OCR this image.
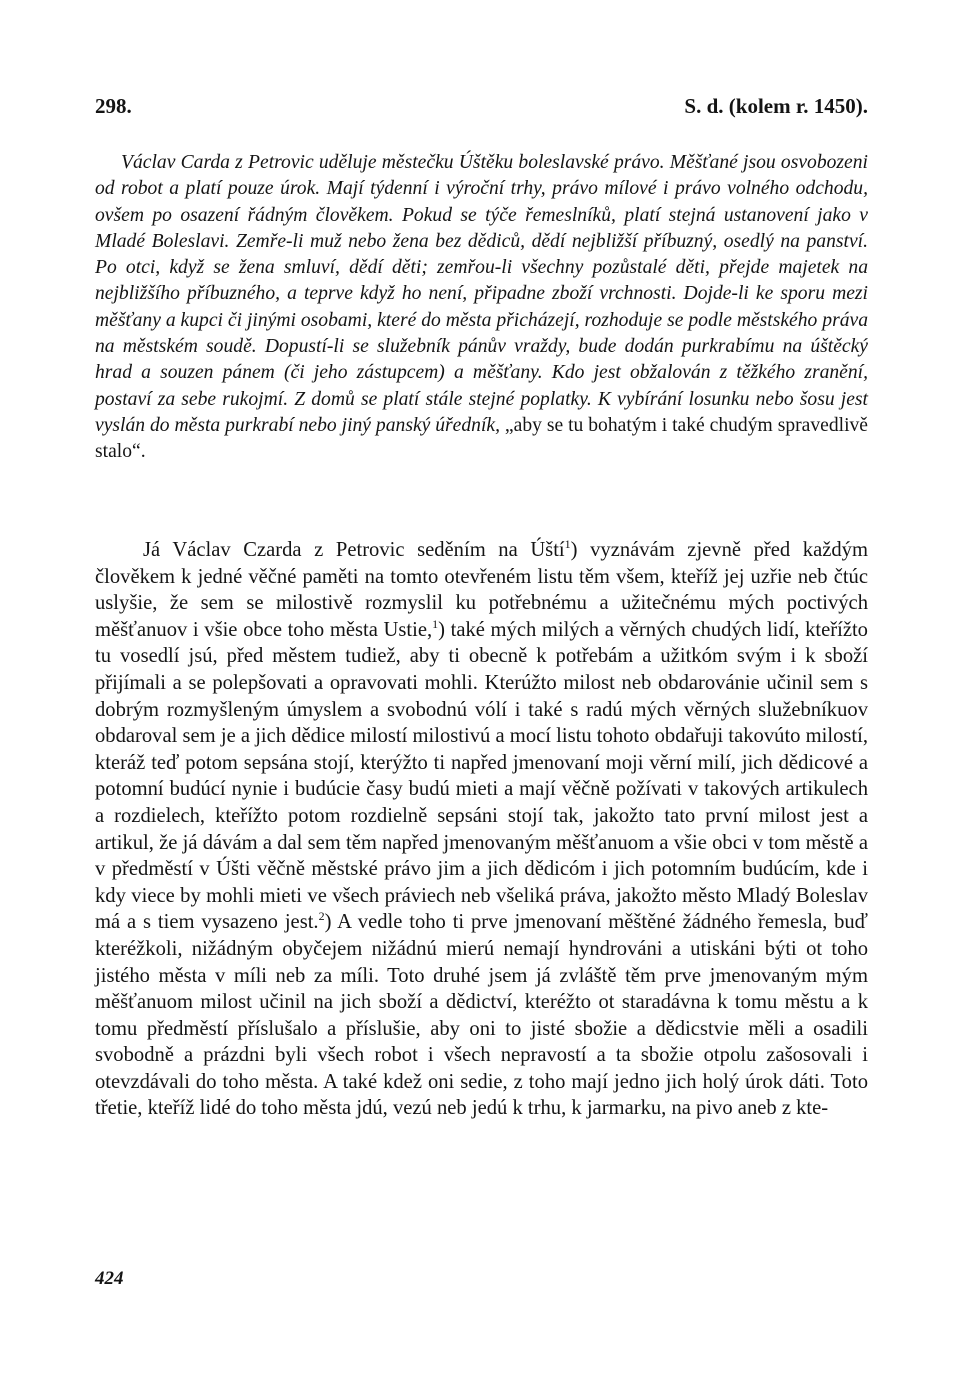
298.	S. d. (kolem r. 1450).

Václav Carda z Petrovic uděluje městečku Úštěku boleslavské právo. Měšťané jsou osvobozeni od robot a platí pouze úrok. Mají týdenní i výroční trhy, právo mílové i právo volného odchodu, ovšem po osazení řádným člověkem. Pokud se týče řemeslníků, platí stejná ustanovení jako v Mladé Boleslavi. Zemře-li muž nebo žena bez dědiců, dědí nejbližší příbuzný, osedlý na panství. Po otci, když se žena smluví, dědí děti; zemřou-li všechny pozůstalé děti, přejde majetek na nejbližšího příbuzného, a teprve když ho není, připadne zboží vrchnosti. Dojde-li ke sporu mezi měšťany a kupci či jinými osobami, které do města přicházejí, rozhoduje se podle městského práva na městském soudě. Dopustí-li se služebník pánův vraždy, bude dodán purkrabímu na úštěcký hrad a souzen pánem (či jeho zástupcem) a měšťany. Kdo jest obžalován z těžkého zranění, postaví za sebe rukojmí. Z domů se platí stále stejné poplatky. K vybírání losunku nebo šosu jest vyslán do města purkrabí nebo jiný panský úředník, „aby se tu bohatým i také chudým spravedlivě stalo“.

Já Václav Czarda z Petrovic seděním na Úští$^1$) vyznávám zjevně před každým člověkem k jedné věčné paměti na tomto otevřeném listu těm všem, kteříž jej uzřie neb čtúc uslyšie, že sem se milostivě rozmyslil ku potřebnému a užitečnému mých poctivých měšťanuov i všie obce toho města Ustie,$^1$) také mých milých a věrných chudých lidí, kteřížto tu vosedlí jsú, před městem tudiež, aby ti obecně k potřebám a užitkóm svým i k sboží přijímali a se polepšovati a opravovati mohli. Kterúžto milost neb obdarovánie učinil sem s dobrým rozmyšleným úmyslem a svobodnú vólí i také s radú mých věrných služebníkuov obdaroval sem je a jich dědice milostí milostivú a mocí listu tohoto obdařuji takovúto milostí, kteráž teď potom sepsána stojí, kterýžto ti napřed jmenovaní moji věrní milí, jich dědicové a potomní budúcí nynie i budúcie časy budú mieti a mají věčně požívati v takových artikulech a rozdielech, kteřížto potom rozdielně sepsáni stojí tak, jakožto tato první milost jest a artikul, že já dávám a dal sem těm napřed jmenovaným měšťanuom a všie obci v tom městě a v předměstí v Úšti věčně městské právo jim a jich dědicóm i jich potomním budúcím, kde i kdy viece by mohli mieti ve všech práviech neb všeliká práva, jakožto město Mladý Boleslav má a s tiem vysazeno jest.$^2$) A vedle toho ti prve jmenovaní měštěné žádného řemesla, buď kteréžkoli, nižádným obyčejem nižádnú mierú nemají hyndrováni a utiskáni býti ot toho jistého města v míli neb za míli. Toto druhé jsem já zvláště těm prve jmenovaným mým měšťanuom milost učinil na jich sboží a dědictví, kteréžto ot staradávna k tomu městu a k tomu předměstí příslušalo a příslušie, aby oni to jisté sbožie a dědicstvie měli a osadili svobodně a prázdni byli všech robot i všech nepravostí a ta sbožie otpolu zašosovali i otevzdávali do toho města. A také kdež oni sedie, z toho mají jedno jich holý úrok dáti. Toto třetie, kteříž lidé do toho města jdú, vezú neb jedú k trhu, k jarmarku, na pivo aneb z kte-

424
